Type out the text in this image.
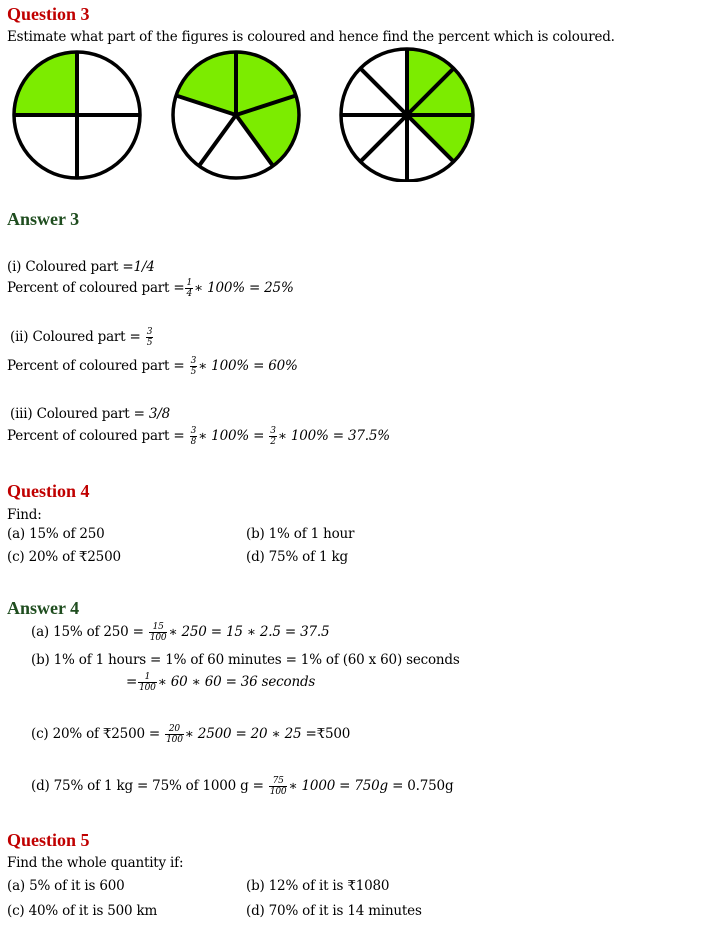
Question 3
Estimate what part of the figures is coloured and hence find the percent which is coloured.
Answer 3
(i) Coloured part =1/4
Percent of coloured part = $\frac{1}{4}$ ∗ 100% = 25%
(ii) Coloured part = $\frac{3}{5}$
Percent of coloured part = $\frac{3}{5}$ ∗ 100% = 60%
(iii) Coloured part = 3/8
Percent of coloured part = $\frac{3}{8}$ ∗ $100\% = \frac{3}{2}$ ∗ 100% = 37.5%
Question 4
Find:
(a) 15% of 250	(b) 1% of 1 hour
(c) 20% of ₹2500	(d) 75% of 1 kg
Answer 4
(a) 15% of $250 = \frac{15}{100}$ ∗ 250 = 15 ∗ 2.5 = 37.5
(b) 1% of 1 hours = 1% of 60 minutes = 1% of (60 x 60) seconds
= $\frac{1}{100}$ ∗ 60 ∗ 60 = 36 seconds
(c) 20% of ₹2500 = $\frac{20}{100}$ ∗ 2500 = 20 ∗ 25 =₹500
(d) 75% of 1 kg = 75% of 1000 $g = \frac{75}{100}$ ∗ 1000 = 750g = 0.750g
Question 5
Find the whole quantity if:
(a) 5% of it is 600	(b) 12% of it is ₹1080
(c) 40% of it is 500 km	(d) 70% of it is 14 minutes
